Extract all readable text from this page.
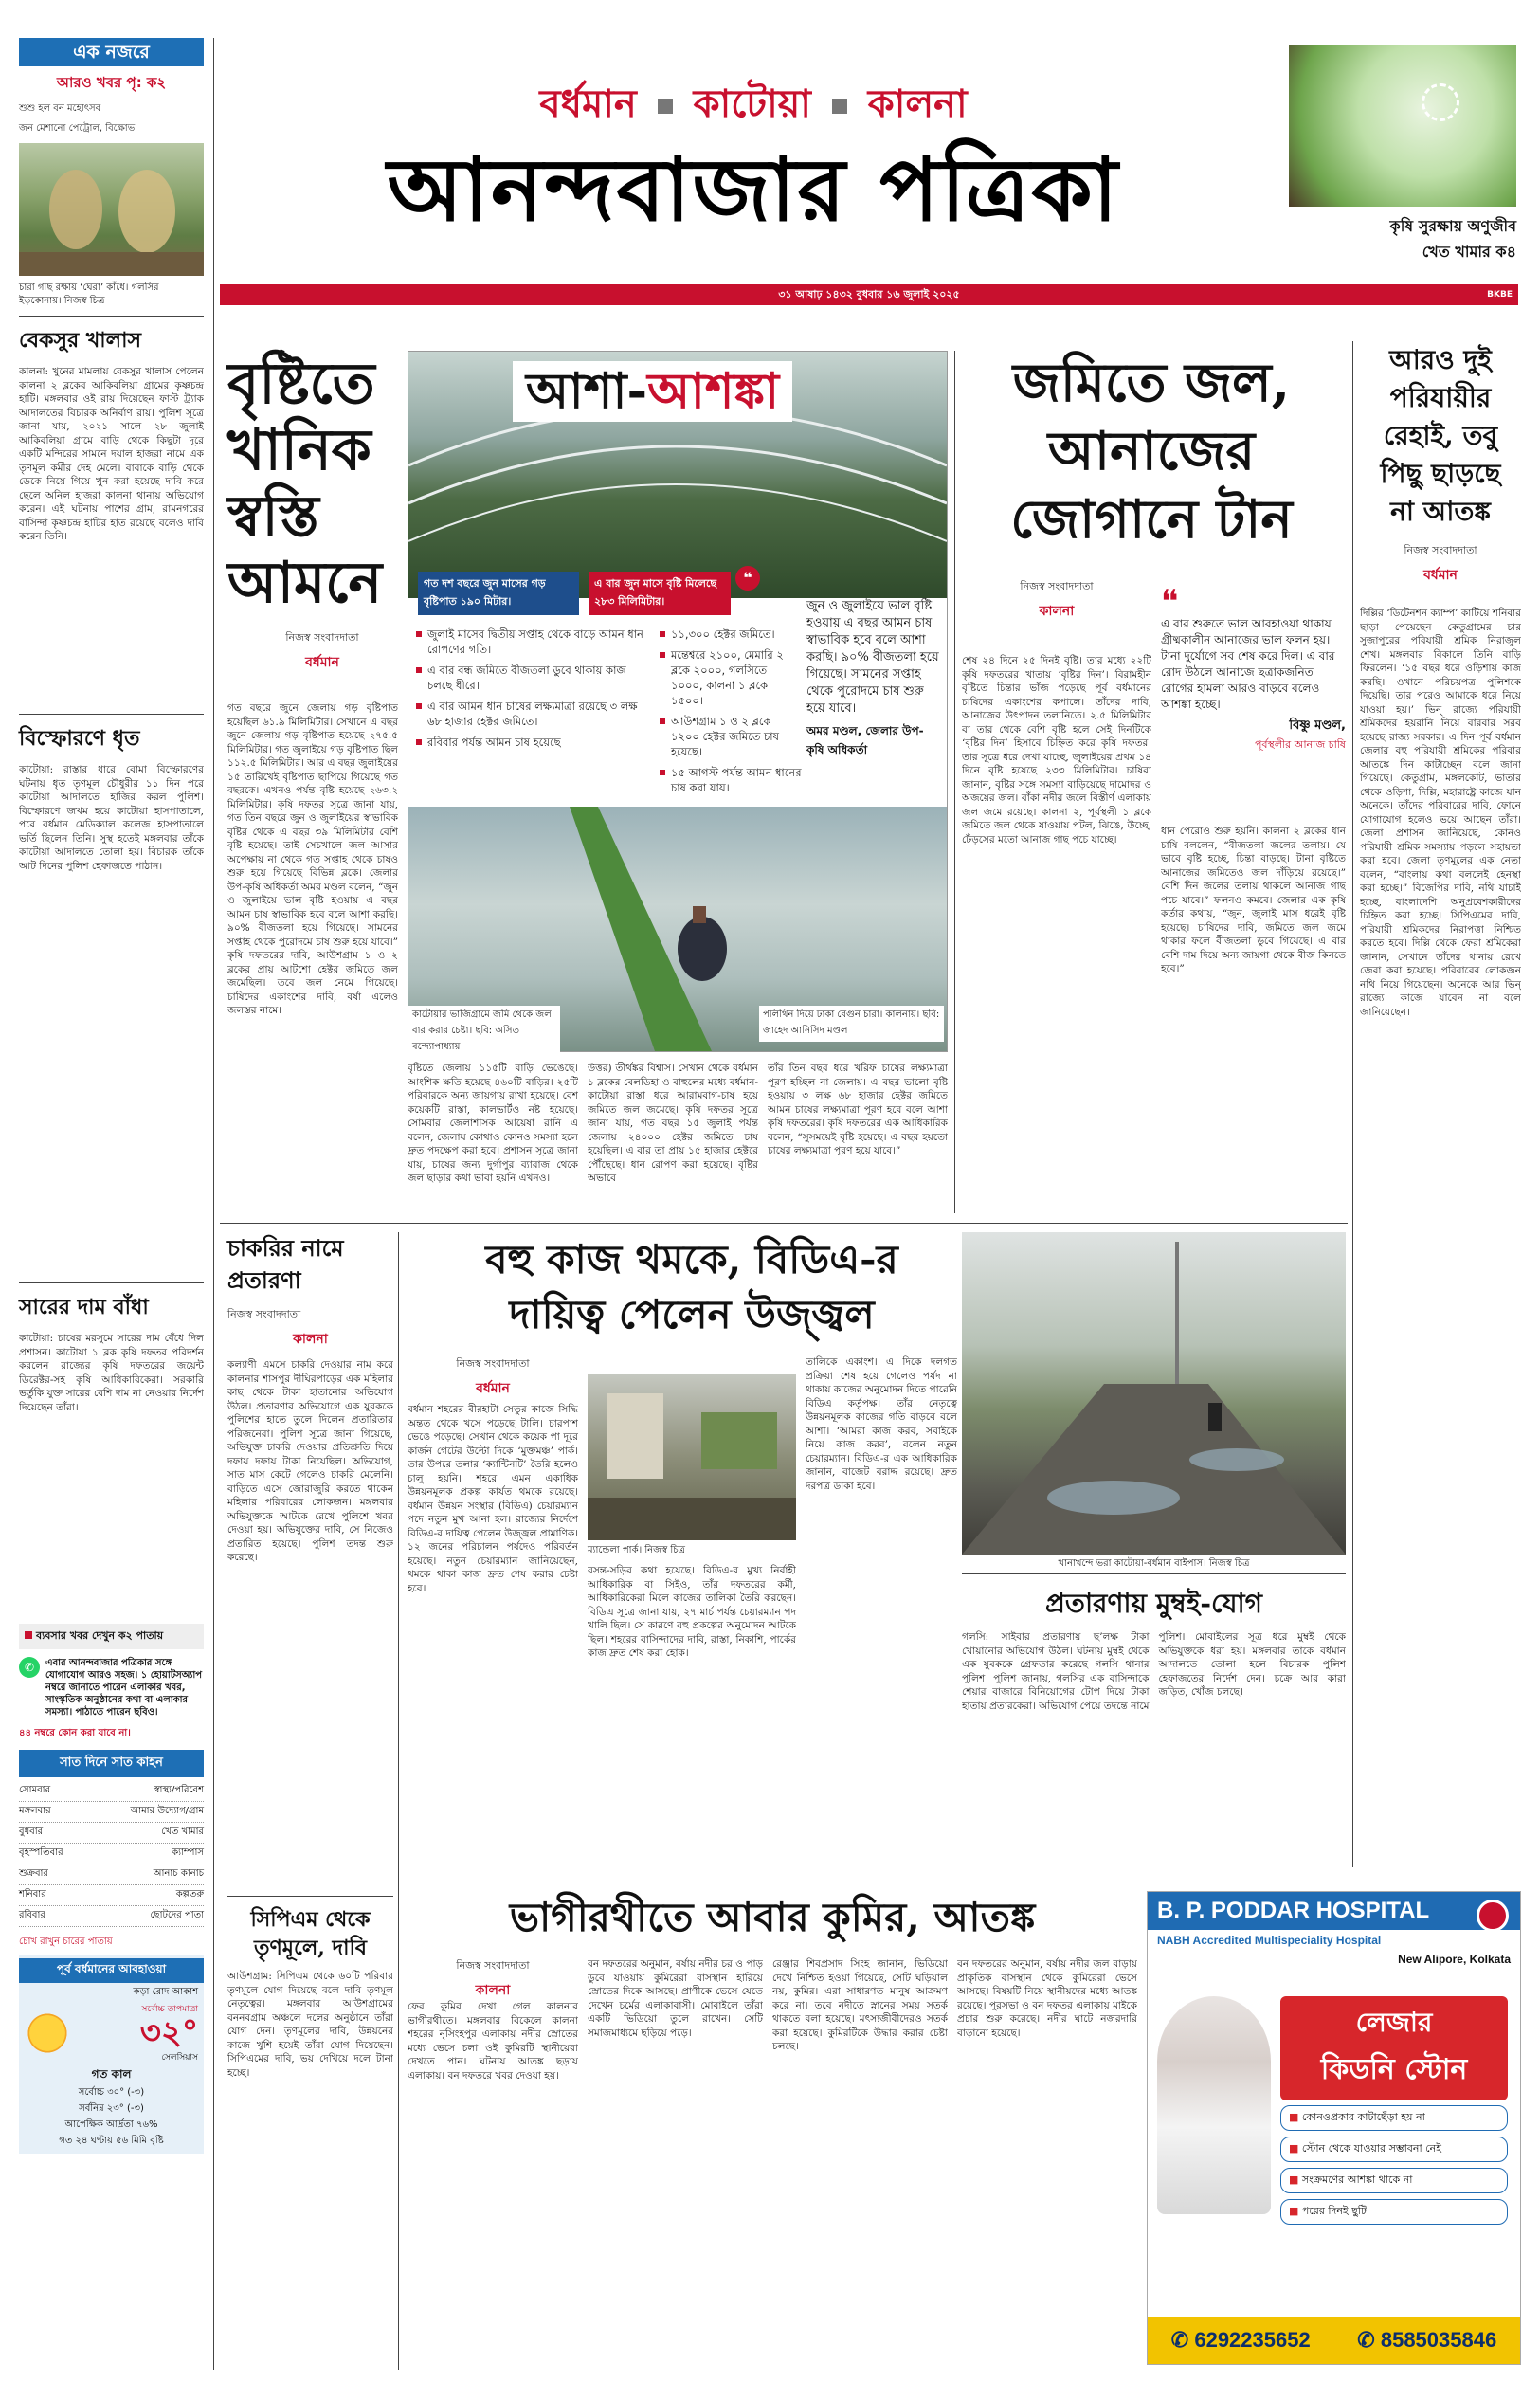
এক নজরে
আরও খবর পৃ: ক২
শুশু হল বন মহোৎসব
জন মেশানো পেট্রোল, বিক্ষোভ
চারা গাছ রক্ষায় ‘ঘেরা’ কাঁধে। গলসির ইড়কোনায়। নিজস্ব চিত্র
বেকসুর খালাস
কালনা: খুনের মামলায় বেকসুর খালাস পেলেন কালনা ২ ব্লকের আকিবলিয়া গ্রামের কৃষ্ণচন্দ্র হাটি। মঙ্গলবার ওই রায় দিয়েছেন ফাস্ট ট্র্যাক আদালতের বিচারক অনির্বাণ রায়। পুলিশ সূত্রে জানা যায়, ২০২১ সালে ২৮ জুলাই আকিবলিয়া গ্রামে বাড়ি থেকে কিছুটা দূরে একটি মন্দিরের সামনে দয়াল হাজরা নামে এক তৃণমূল কর্মীর দেহ মেলে। বাবাকে বাড়ি থেকে ডেকে নিয়ে গিয়ে খুন করা হয়েছে দাবি করে ছেলে অনিল হাজরা কালনা থানায় অভিযোগ করেন। এই ঘটনায় পাশের গ্রাম, রামনগরের বাসিন্দা কৃষ্ণচন্দ্র হাটির হাত রয়েছে বলেও দাবি করেন তিনি।
বিস্ফোরণে ধৃত
কাটোয়া: রাস্তার ধারে বোমা বিস্ফোরণের ঘটনায় ধৃত তৃণমূল চৌধুরীর ১১ দিন পরে কাটোয়া আদালতে হাজির করল পুলিশ। বিস্ফোরণে জখম হয়ে কাটোয়া হাসপাতালে, পরে বর্ধমান মেডিক্যাল কলেজ হাসপাতালে ভর্তি ছিলেন তিনি। সুস্থ হতেই মঙ্গলবার তাঁকে কাটোয়া আদালতে তোলা হয়। বিচারক তাঁকে আট দিনের পুলিশ হেফাজতে পাঠান।
সারের দাম বাঁধা
কাটোয়া: চাষের মরসুমে সারের দাম বেঁধে দিল প্রশাসন। কাটোয়া ১ ব্লক কৃষি দফতর পরিদর্শন করলেন রাজ্যের কৃষি দফতরের জয়েন্ট ডিরেক্টর-সহ কৃষি আধিকারিকেরা। সরকারি ভর্তুকি যুক্ত সারের বেশি দাম না নেওয়ার নির্দেশ দিয়েছেন তাঁরা।
ব্যবসার খবর দেখুন ক২ পাতায়
✆	এবার আনন্দবাজার পত্রিকার সঙ্গে যোগাযোগ আরও সহজ। ১ হোয়াটসঅ্যাপ নম্বরে জানাতে পারেন এলাকার খবর, সাংস্কৃতিক অনুষ্ঠানের কথা বা এলাকার সমস্যা। পাঠাতে পারেন ছবিও।
৪৪ নম্বরে কোন করা যাবে না।
সাত দিনে সাত কাহন
সোমবার	স্বাস্থ্য/পরিবেশ
মঙ্গলবার	আমার উদ্যোগ/গ্রাম
বুধবার	খেত খামার
বৃহস্পতিবার	ক্যাম্পাস
শুক্রবার	আনাচ কানাচ
শনিবার	কল্পতরু
রবিবার	ছোটদের পাতা
চোখ রাখুন চারের পাতায়
পূর্ব বর্ধমানের আবহাওয়া
কড়া রোদ আকাশ
সর্বোচ্চ তাপমাত্রা
৩২°
সেলসিয়াস
গত কাল
সর্বোচ্চ ৩০° (-৩)
সর্বনিম্ন ২৩° (-৩)
আপেক্ষিক আর্দ্রতা ৭৬%
গত ২৪ ঘণ্টায় ৫৬ মিমি বৃষ্টি
বর্ধমান কাটোয়া কালনা
আনন্দবাজার পত্রিকা	কৃষি সুরক্ষায় অণুজীব
খেত খামার ক৪
৩১ আষাঢ় ১৪৩২ বুধবার ১৬ জুলাই ২০২৫	BKBE
বৃষ্টিতে
খানিক
স্বস্তি
আমনে
নিজস্ব সংবাদদাতা
বর্ধমান
গত বছরে জুনে জেলায় গড় বৃষ্টিপাত হয়েছিল ৬১.৯ মিলিমিটার। সেখানে এ বছর জুনে জেলায় গড় বৃষ্টিপাত হয়েছে ২৭৫.৫ মিলিমিটার। গত জুলাইয়ে গড় বৃষ্টিপাত ছিল ১১২.৫ মিলিমিটার। আর এ বছর জুলাইয়ের ১৫ তারিখেই বৃষ্টিপাত ছাপিয়ে গিয়েছে গত বছরকে। এখনও পর্যন্ত বৃষ্টি হয়েছে ২৬৩.২ মিলিমিটার। কৃষি দফতর সূত্রে জানা যায়, গত তিন বছরে জুন ও জুলাইয়ের স্বাভাবিক বৃষ্টির থেকে এ বছর ৩৯ মিলিমিটার বেশি বৃষ্টি হয়েছে। তাই সেচখালে জল আসার অপেক্ষায় না থেকে গত সপ্তাহ থেকে চাষও শুরু হয়ে গিয়েছে বিভিন্ন ব্লকে। জেলার উপ-কৃষি অধিকর্তা অমর মণ্ডল বলেন, “জুন ও জুলাইয়ে ভাল বৃষ্টি হওয়ায় এ বছর আমন চাষ স্বাভাবিক হবে বলে আশা করছি। ৯০% বীজতলা হয়ে গিয়েছে। সামনের সপ্তাহ থেকে পুরোদমে চাষ শুরু হয়ে যাবে।” কৃষি দফতরের দাবি, আউশগ্রাম ১ ও ২ ব্লকের প্রায় আটশো হেক্টর জমিতে জল জমেছিল। তবে জল নেমে গিয়েছে। চাষিদের একাংশের দাবি, বর্ষা এলেও জলস্তর নামে।
আশা-আশঙ্কা
গত দশ বছরে জুন মাসের গড় বৃষ্টিপাত ১৯০ মিটার।
এ বার জুন মাসে বৃষ্টি মিলেছে ২৮৩ মিলিমিটার।
❝
জুলাই মাসের দ্বিতীয় সপ্তাহ থেকে বাড়ে আমন ধান রোপণের গতি।
এ বার বন্ধ জমিতে বীজতলা ডুবে থাকায় কাজ চলছে ধীরে।
এ বার আমন ধান চাষের লক্ষ্যমাত্রা রয়েছে ৩ লক্ষ ৬৮ হাজার হেক্টর জমিতে।
রবিবার পর্যন্ত আমন চাষ হয়েছে
১১,৩০০ হেক্টর জমিতে।
মন্তেশ্বরে ২১০০, মেমারি ২ ব্লকে ২০০০, গলসিতে ১০০০, কালনা ১ ব্লকে ১৫০০।
আউশগ্রাম ১ ও ২ ব্লকে ১২০০ হেক্টর জমিতে চাষ হয়েছে।
১৫ আগস্ট পর্যন্ত আমন ধানের চাষ করা যায়।
জুন ও জুলাইয়ে ভাল বৃষ্টি হওয়ায় এ বছর আমন চাষ স্বাভাবিক হবে বলে আশা করছি। ৯০% বীজতলা হয়ে গিয়েছে। সামনের সপ্তাহ থেকে পুরোদমে চাষ শুরু হয়ে যাবে।
অমর মণ্ডল, জেলার উপ-কৃষি অধিকর্তা
কাটোয়ার ভাজিগ্রামে জমি থেকে জল বার করার চেষ্টা। ছবি: অসিত বন্দ্যোপাধ্যায়
পলিথিন দিয়ে ঢাকা বেগুন চারা। কালনায়। ছবি: জাহেদ আনিসিদ মণ্ডল
বৃষ্টিতে জেলায় ১১৫টি বাড়ি ভেঙেছে। আংশিক ক্ষতি হয়েছে ৪৬০টি বাড়ির। ২৫টি পরিবারকে অন্য জায়গায় রাখা হয়েছে। বেশ কয়েকটি রাস্তা, কালভার্টও নষ্ট হয়েছে। সোমবার জেলাশাসক আয়েষা রানি এ বলেন, জেলায় কোথাও কোনও সমস্যা হলে দ্রুত পদক্ষেপ করা হবে। প্রশাসন সূত্রে জানা যায়, চাষের জন্য দুর্গাপুর ব্যারাজ থেকে জল ছাড়ার কথা ভাবা হয়নি এখনও।
উত্তর) তীর্থঙ্কর বিশ্বাস। সেখান থেকে বর্ধমান ১ ব্লকের বেলডিহা ও বাহুলের মধ্যে বর্ধমান-কাটোয়া রাস্তা ধরে আরামবাগ-চাষ হয়ে জমিতে জল জমেছে। কৃষি দফতর সূত্রে জানা যায়, গত বছর ১৫ জুলাই পর্যন্ত জেলায় ২৪০০০ হেক্টর জমিতে চাষ হয়েছিল। এ বার তা প্রায় ১৫ হাজার হেক্টরে পৌঁছেছে। ধান রোপণ করা হয়েছে। বৃষ্টির অভাবে
তাঁর তিন বছর ধরে খরিফ চাষের লক্ষ্যমাত্রা পূরণ হচ্ছিল না জেলায়। এ বছর ভালো বৃষ্টি হওয়ায় ৩ লক্ষ ৬৮ হাজার হেক্টর জমিতে আমন চাষের লক্ষ্যমাত্রা পূরণ হবে বলে আশা কৃষি দফতরের। কৃষি দফতরের এক আধিকারিক বলেন, “সুসময়েই বৃষ্টি হয়েছে। এ বছর হয়তো চাষের লক্ষ্যমাত্রা পূরণ হয়ে যাবে।”
জমিতে জল,
আনাজের
জোগানে টান
নিজস্ব সংবাদদাতা
কালনা	❝
এ বার শুরুতে ভাল আবহাওয়া থাকায় গ্রীষ্মকালীন আনাজের ভাল ফলন হয়। টানা দুর্যোগে সব শেষ করে দিল। এ বার রোদ উঠলে আনাজে ছত্রাকজনিত রোগের হামলা আরও বাড়বে বলেও আশঙ্কা হচ্ছে।
বিষ্ণু মণ্ডল,
পূর্বস্থলীর আনাজ চাষি
শেষ ২৪ দিনে ২৫ দিনই বৃষ্টি। তার মধ্যে ২২টি কৃষি দফতরের খাতায় ‘বৃষ্টির দিন’। বিরামহীন বৃষ্টিতে চিন্তার ভাঁজ পড়েছে পূর্ব বর্ধমানের চাষিদের একাংশের কপালে। তাঁদের দাবি, আনাজের উৎপাদন তলানিতে। ২.৫ মিলিমিটার বা তার থেকে বেশি বৃষ্টি হলে সেই দিনটিকে ‘বৃষ্টির দিন’ হিসাবে চিহ্নিত করে কৃষি দফতর। তার সূত্রে ধরে দেখা যাচ্ছে, জুলাইয়ের প্রথম ১৪ দিনে বৃষ্টি হয়েছে ২৩৩ মিলিমিটার। চাষিরা জানান, বৃষ্টির সঙ্গে সমস্যা বাড়িয়েছে দামোদর ও অজয়ের জল। বাঁকা নদীর জলে বিস্তীর্ণ এলাকায় জল জমে রয়েছে। কালনা ২, পূর্বস্থলী ১ ব্লকে জমিতে জল থেকে যাওয়ায় পটল, ঝিঙে, উচ্ছে, ঢেঁড়সের মতো আনাজ গাছ পচে যাচ্ছে।
ধান পেরোও শুরু হয়নি। কালনা ২ ব্লকের ধান চাষি বললেন, “বীজতলা জলের তলায়। যে ভাবে বৃষ্টি হচ্ছে, চিন্তা বাড়ছে। টানা বৃষ্টিতে আনাজের জমিতেও জল দাঁড়িয়ে রয়েছে।” বেশি দিন জলের তলায় থাকলে আনাজ গাছ পচে যাবে।” ফলনও কমবে। জেলার এক কৃষি কর্তার কথায়, “জুন, জুলাই মাস ধরেই বৃষ্টি হয়েছে। চাষিদের দাবি, জমিতে জল জমে থাকার ফলে বীজতলা ডুবে গিয়েছে। এ বার বেশি দাম দিয়ে অন্য জায়গা থেকে বীজ কিনতে হবে।”
আরও দুই
পরিযায়ীর
রেহাই, তবু
পিছু ছাড়ছে
না আতঙ্ক
নিজস্ব সংবাদদাতা
বর্ধমান
দিল্লির ‘ডিটেনশন ক্যাম্প’ কাটিয়ে শনিবার ছাড়া পেয়েছেন কেতুগ্রামের চার সুজাপুরের পরিযায়ী শ্রমিক নিরাজুল শেখ। মঙ্গলবার বিকালে তিনি বাড়ি ফিরলেন। ‘১৫ বছর ধরে ওড়িশায় কাজ করছি। ওখানে পরিচয়পত্র পুলিশকে দিয়েছি। তার পরেও আমাকে ধরে নিয়ে যাওয়া হয়।’ ভিন্ রাজ্যে পরিযায়ী শ্রমিকদের হয়রানি নিয়ে বারবার সরব হয়েছে রাজ্য সরকার। এ দিন পূর্ব বর্ধমান জেলার বহু পরিযায়ী শ্রমিকের পরিবার আতঙ্কে দিন কাটাচ্ছেন বলে জানা গিয়েছে। কেতুগ্রাম, মঙ্গলকোট, ভাতার থেকে ওড়িশা, দিল্লি, মহারাষ্ট্রে কাজে যান অনেকে। তাঁদের পরিবারের দাবি, ফোনে যোগাযোগ হলেও ভয়ে আছেন তাঁরা। জেলা প্রশাসন জানিয়েছে, কোনও পরিযায়ী শ্রমিক সমস্যায় পড়লে সহায়তা করা হবে। জেলা তৃণমূলের এক নেতা বলেন, “বাংলায় কথা বললেই হেনস্থা করা হচ্ছে।” বিজেপির দাবি, নথি যাচাই হচ্ছে, বাংলাদেশি অনুপ্রবেশকারীদের চিহ্নিত করা হচ্ছে। সিপিএমের দাবি, পরিযায়ী শ্রমিকদের নিরাপত্তা নিশ্চিত করতে হবে। দিল্লি থেকে ফেরা শ্রমিকেরা জানান, সেখানে তাঁদের থানায় রেখে জেরা করা হয়েছে। পরিবারের লোকজন নথি নিয়ে গিয়েছেন। অনেকে আর ভিন্ রাজ্যে কাজে যাবেন না বলে জানিয়েছেন।
চাকরির নামে
প্রতারণা
নিজস্ব সংবাদদাতা
কালনা
কল্যাণী এমসে চাকরি দেওয়ার নাম করে কালনার শাসপুর দীঘিরপাড়ের এক মহিলার কাছ থেকে টাকা হাতানোর অভিযোগ উঠল। প্রতারণার অভিযোগে এক যুবককে পুলিশের হাতে তুলে দিলেন প্রতারিতার পরিজনেরা। পুলিশ সূত্রে জানা গিয়েছে, অভিযুক্ত চাকরি দেওয়ার প্রতিশ্রুতি দিয়ে দফায় দফায় টাকা নিয়েছিল। অভিযোগ, সাত মাস কেটে গেলেও চাকরি মেলেনি। বাড়িতে এসে জোরাজুরি করতে থাকেন মহিলার পরিবারের লোকজন। মঙ্গলবার অভিযুক্তকে আটকে রেখে পুলিশে খবর দেওয়া হয়। অভিযুক্তের দাবি, সে নিজেও প্রতারিত হয়েছে। পুলিশ তদন্ত শুরু করেছে।
সিপিএম থেকে
তৃণমূলে, দাবি
আউশগ্রাম: সিপিএম থেকে ৬০টি পরিবার তৃণমূলে যোগ দিয়েছে বলে দাবি তৃণমূল নেতৃত্বের। মঙ্গলবার আউশগ্রামের বননবগ্রাম অঞ্চলে দলের অনুষ্ঠানে তাঁরা যোগ দেন। তৃণমূলের দাবি, উন্নয়নের কাজে খুশি হয়েই তাঁরা যোগ দিয়েছেন। সিপিএমের দাবি, ভয় দেখিয়ে দলে টানা হচ্ছে।
বহু কাজ থমকে, বিডিএ-র
দায়িত্ব পেলেন উজ্জ্বল
নিজস্ব সংবাদদাতা
বর্ধমান
বর্ধমান শহরের বীরহাটা সেতুর কাজে সিদ্ধি অন্তত থেকে খসে পড়েছে টালি। চারপাশ ভেঙে পড়েছে। সেখান থেকে কয়েক পা দূরে কার্জন গেটের উল্টো দিকে ‘মুক্তমঞ্চ’ পার্ক। তার উপরে তলার ‘ক্যান্টিনটি’ তৈরি হলেও চালু হয়নি। শহরে এমন একাধিক উন্নয়নমূলক প্রকল্প কার্যত থমকে রয়েছে। বর্ধমান উন্নয়ন সংস্থার (বিডিএ) চেয়ারম্যান পদে নতুন মুখ আনা হল। রাজ্যের নির্দেশে বিডিএ-র দায়িত্ব পেলেন উজ্জ্বল প্রামাণিক। ১২ জনের পরিচালন পর্ষদেও পরিবর্তন হয়েছে। নতুন চেয়ারম্যান জানিয়েছেন, থমকে থাকা কাজ দ্রুত শেষ করার চেষ্টা হবে।
ম্যান্ডেলা পার্ক। নিজস্ব চিত্র
বসন্ত-সড়ির কথা হয়েছে। বিডিএ-র মুখ্য নির্বাহী আধিকারিক বা সিইও, তাঁর দফতরের কর্মী, আধিকারিকেরা মিলে কাজের তালিকা তৈরি করছেন। বিডিএ সূত্রে জানা যায়, ২৭ মার্চ পর্যন্ত চেয়ারম্যান পদ খালি ছিল। সে কারণে বহু প্রকল্পের অনুমোদন আটকে ছিল। শহরের বাসিন্দাদের দাবি, রাস্তা, নিকাশি, পার্কের কাজ দ্রুত শেষ করা হোক।
তালিকে একাংশ। এ দিকে দলগত প্রক্রিয়া শেষ হয়ে গেলেও পর্যদ না থাকায় কাজের অনুমোদন দিতে পারেনি বিডিএ কর্তৃপক্ষ। তাঁর নেতৃত্বে উন্নয়নমূলক কাজের গতি বাড়বে বলে আশা। ‘আমরা কাজ করব, সবাইকে নিয়ে কাজ করব’, বলেন নতুন চেয়ারম্যান। বিডিএ-র এক আধিকারিক জানান, বাজেট বরাদ্দ রয়েছে। দ্রুত দরপত্র ডাকা হবে।
খানাখন্দে ভরা কাটোয়া-বর্ধমান বাইপাস। নিজস্ব চিত্র
প্রতারণায় মুম্বই-যোগ
গলসি: সাইবার প্রতারণায় ছ’লক্ষ টাকা খোয়ানোর অভিযোগ উঠল। ঘটনায় মুম্বই থেকে এক যুবককে গ্রেফতার করেছে গলসি থানার পুলিশ। পুলিশ জানায়, গলসির এক বাসিন্দাকে শেয়ার বাজারে বিনিয়োগের টোপ দিয়ে টাকা হাতায় প্রতারকেরা। অভিযোগ পেয়ে তদন্তে নামে পুলিশ। মোবাইলের সূত্র ধরে মুম্বই থেকে অভিযুক্তকে ধরা হয়। মঙ্গলবার তাকে বর্ধমান আদালতে তোলা হলে বিচারক পুলিশ হেফাজতের নির্দেশ দেন। চক্রে আর কারা জড়িত, খোঁজ চলছে।
ভাগীরথীতে আবার কুমির, আতঙ্ক
নিজস্ব সংবাদদাতা
কালনা
ফের কুমির দেখা গেল কালনার ভাগীরথীতে। মঙ্গলবার বিকেলে কালনা শহরের নৃসিংহপুর এলাকায় নদীর স্রোতের মধ্যে ভেসে চলা ওই কুমিরটি স্থানীয়েরা দেখতে পান। ঘটনায় আতঙ্ক ছড়ায় এলাকায়। বন দফতরে খবর দেওয়া হয়।
বন দফতরের অনুমান, বর্ষায় নদীর চর ও পাড় ডুবে যাওয়ায় কুমিরেরা বাসস্থান হারিয়ে স্রোতের দিকে আসছে। প্রাণীকে ভেসে যেতে দেখেন চর্মের এলাকাবাসী। মোবাইলে তাঁরা একটি ভিডিয়ো তুলে রাখেন। সেটি সমাজমাধ্যমে ছড়িয়ে পড়ে।
রেঞ্জার শিবপ্রসাদ সিংহ জানান, ভিডিয়ো দেখে নিশ্চিত হওয়া গিয়েছে, সেটি ঘড়িয়াল নয়, কুমির। এরা সাধারণত মানুষ আক্রমণ করে না। তবে নদীতে স্নানের সময় সতর্ক থাকতে বলা হয়েছে। মৎস্যজীবীদেরও সতর্ক করা হয়েছে। কুমিরটিকে উদ্ধার করার চেষ্টা চলছে।
বন দফতরের অনুমান, বর্ষায় নদীর জল বাড়ায় প্রাকৃতিক বাসস্থান থেকে কুমিরেরা ভেসে আসছে। বিষয়টি নিয়ে স্থানীয়দের মধ্যে আতঙ্ক রয়েছে। পুরসভা ও বন দফতর এলাকায় মাইকে প্রচার শুরু করেছে। নদীর ঘাটে নজরদারি বাড়ানো হয়েছে।
B. P. PODDAR HOSPITAL
NABH Accredited Multispeciality Hospital
New Alipore, Kolkata
লেজার
কিডনি স্টোন
■ কোনওপ্রকার কাটাছেঁড়া হয় না
■ স্টোন থেকে যাওয়ার সম্ভাবনা নেই
■ সংক্রমণের আশঙ্কা থাকে না
■ পরের দিনই ছুটি
✆ 6292235652 ✆ 8585035846
